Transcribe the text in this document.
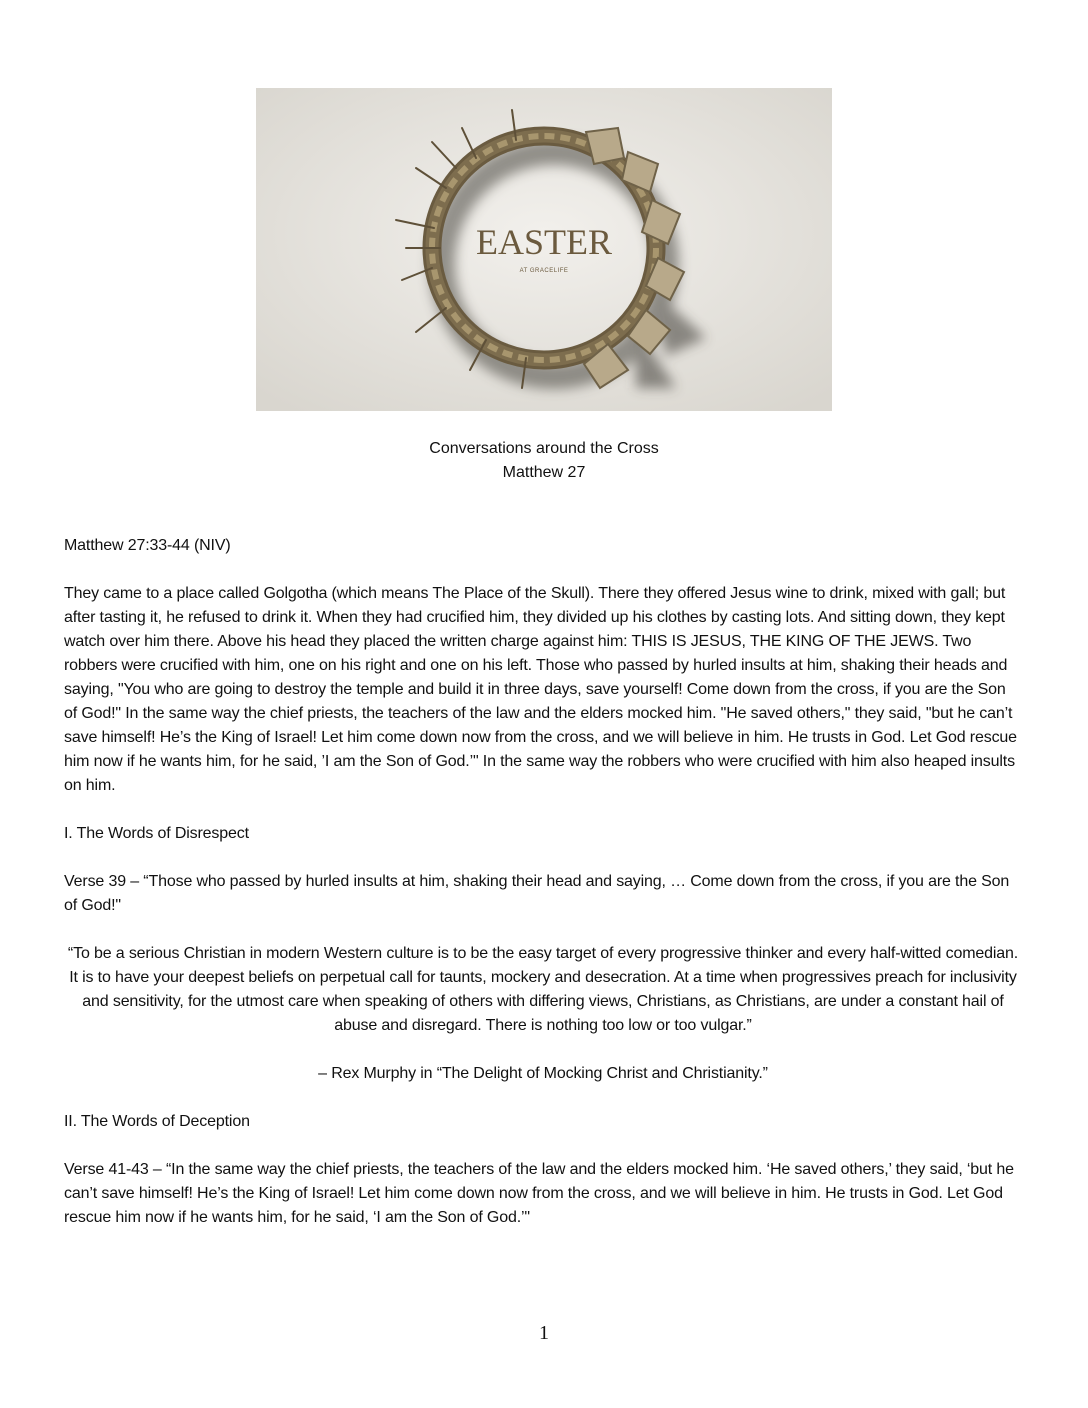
EASTER
AT GRACELIFE
Conversations around the Cross
Matthew 27

Matthew 27:33-44 (NIV)

They came to a place called Golgotha (which means The Place of the Skull). There they offered Jesus wine to drink, mixed with gall; but after tasting it, he refused to drink it. When they had crucified him, they divided up his clothes by casting lots. And sitting down, they kept watch over him there. Above his head they placed the written charge against him: THIS IS JESUS, THE KING OF THE JEWS. Two robbers were crucified with him, one on his right and one on his left. Those who passed by hurled insults at him, shaking their heads and saying, "You who are going to destroy the temple and build it in three days, save yourself! Come down from the cross, if you are the Son of God!" In the same way the chief priests, the teachers of the law and the elders mocked him. "He saved others," they said, "but he can’t save himself! He’s the King of Israel! Let him come down now from the cross, and we will believe in him. He trusts in God. Let God rescue him now if he wants him, for he said, ’I am the Son of God.’" In the same way the robbers who were crucified with him also heaped insults on him.

I. The Words of Disrespect

Verse 39 – “Those who passed by hurled insults at him, shaking their head and saying, … Come down from the cross, if you are the Son of God!"

“To be a serious Christian in modern Western culture is to be the easy target of every progressive thinker and every half-witted comedian. It is to have your deepest beliefs on perpetual call for taunts, mockery and desecration. At a time when progressives preach for inclusivity and sensitivity, for the utmost care when speaking of others with differing views, Christians, as Christians, are under a constant hail of abuse and disregard. There is nothing too low or too vulgar.”

– Rex Murphy in “The Delight of Mocking Christ and Christianity.”

II. The Words of Deception

Verse 41-43 – “In the same way the chief priests, the teachers of the law and the elders mocked him. ‘He saved others,’ they said, ‘but he can’t save himself! He’s the King of Israel! Let him come down now from the cross, and we will believe in him. He trusts in God. Let God rescue him now if he wants him, for he said, ‘I am the Son of God.’"

1
